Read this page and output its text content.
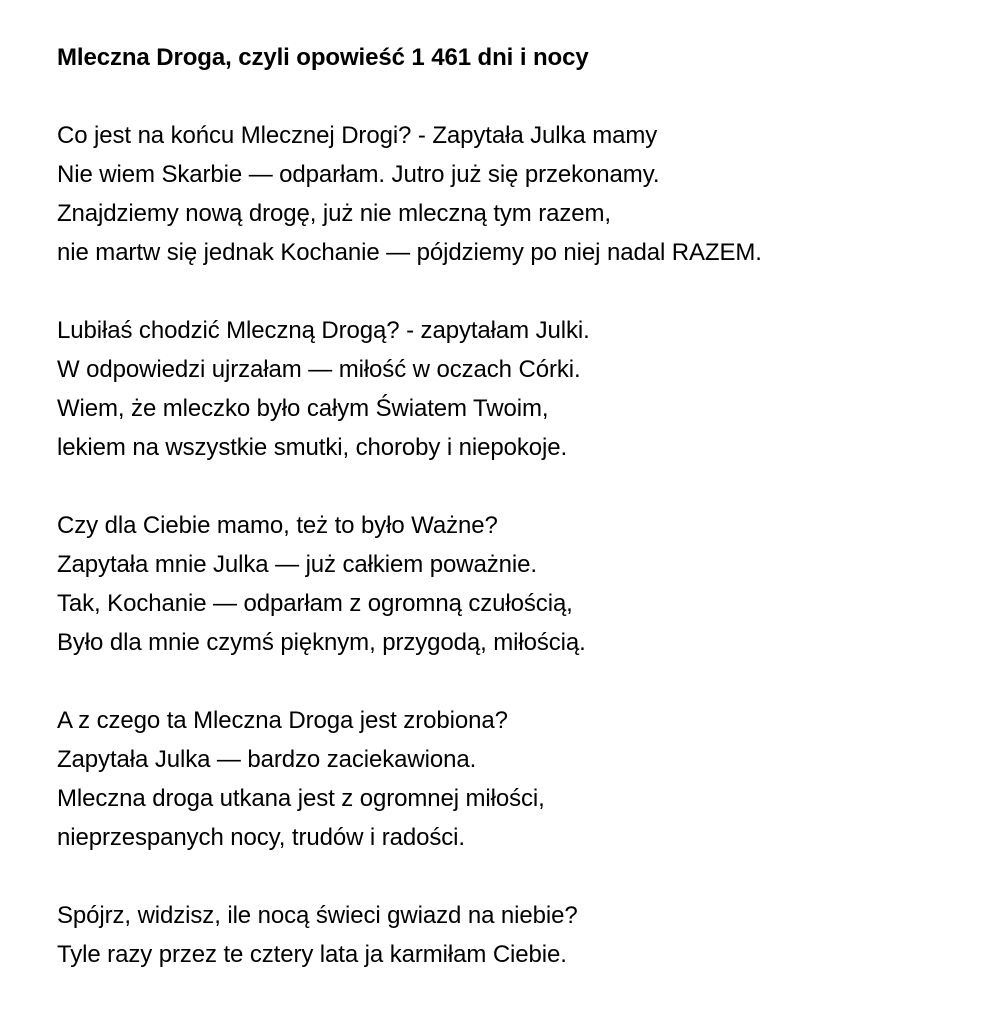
Mleczna Droga, czyli opowieść 1 461 dni i nocy
Co jest na końcu Mlecznej Drogi? - Zapytała Julka mamy
Nie wiem Skarbie — odparłam. Jutro już się przekonamy.
Znajdziemy nową drogę, już nie mleczną tym razem,
nie martw się jednak Kochanie — pójdziemy po niej nadal RAZEM.
Lubiłaś chodzić Mleczną Drogą? - zapytałam Julki.
W odpowiedzi ujrzałam — miłość w oczach Córki.
Wiem, że mleczko było całym Światem Twoim,
lekiem na wszystkie smutki, choroby i niepokoje.
Czy dla Ciebie mamo, też to było Ważne?
Zapytała mnie Julka — już całkiem poważnie.
Tak, Kochanie — odparłam z ogromną czułością,
Było dla mnie czymś pięknym, przygodą, miłością.
A z czego ta Mleczna Droga jest zrobiona?
Zapytała Julka — bardzo zaciekawiona.
Mleczna droga utkana jest z ogromnej miłości,
nieprzespanych nocy, trudów i radości.
Spójrz, widzisz, ile nocą świeci gwiazd na niebie?
Tyle razy przez te cztery lata ja karmiłam Ciebie.
